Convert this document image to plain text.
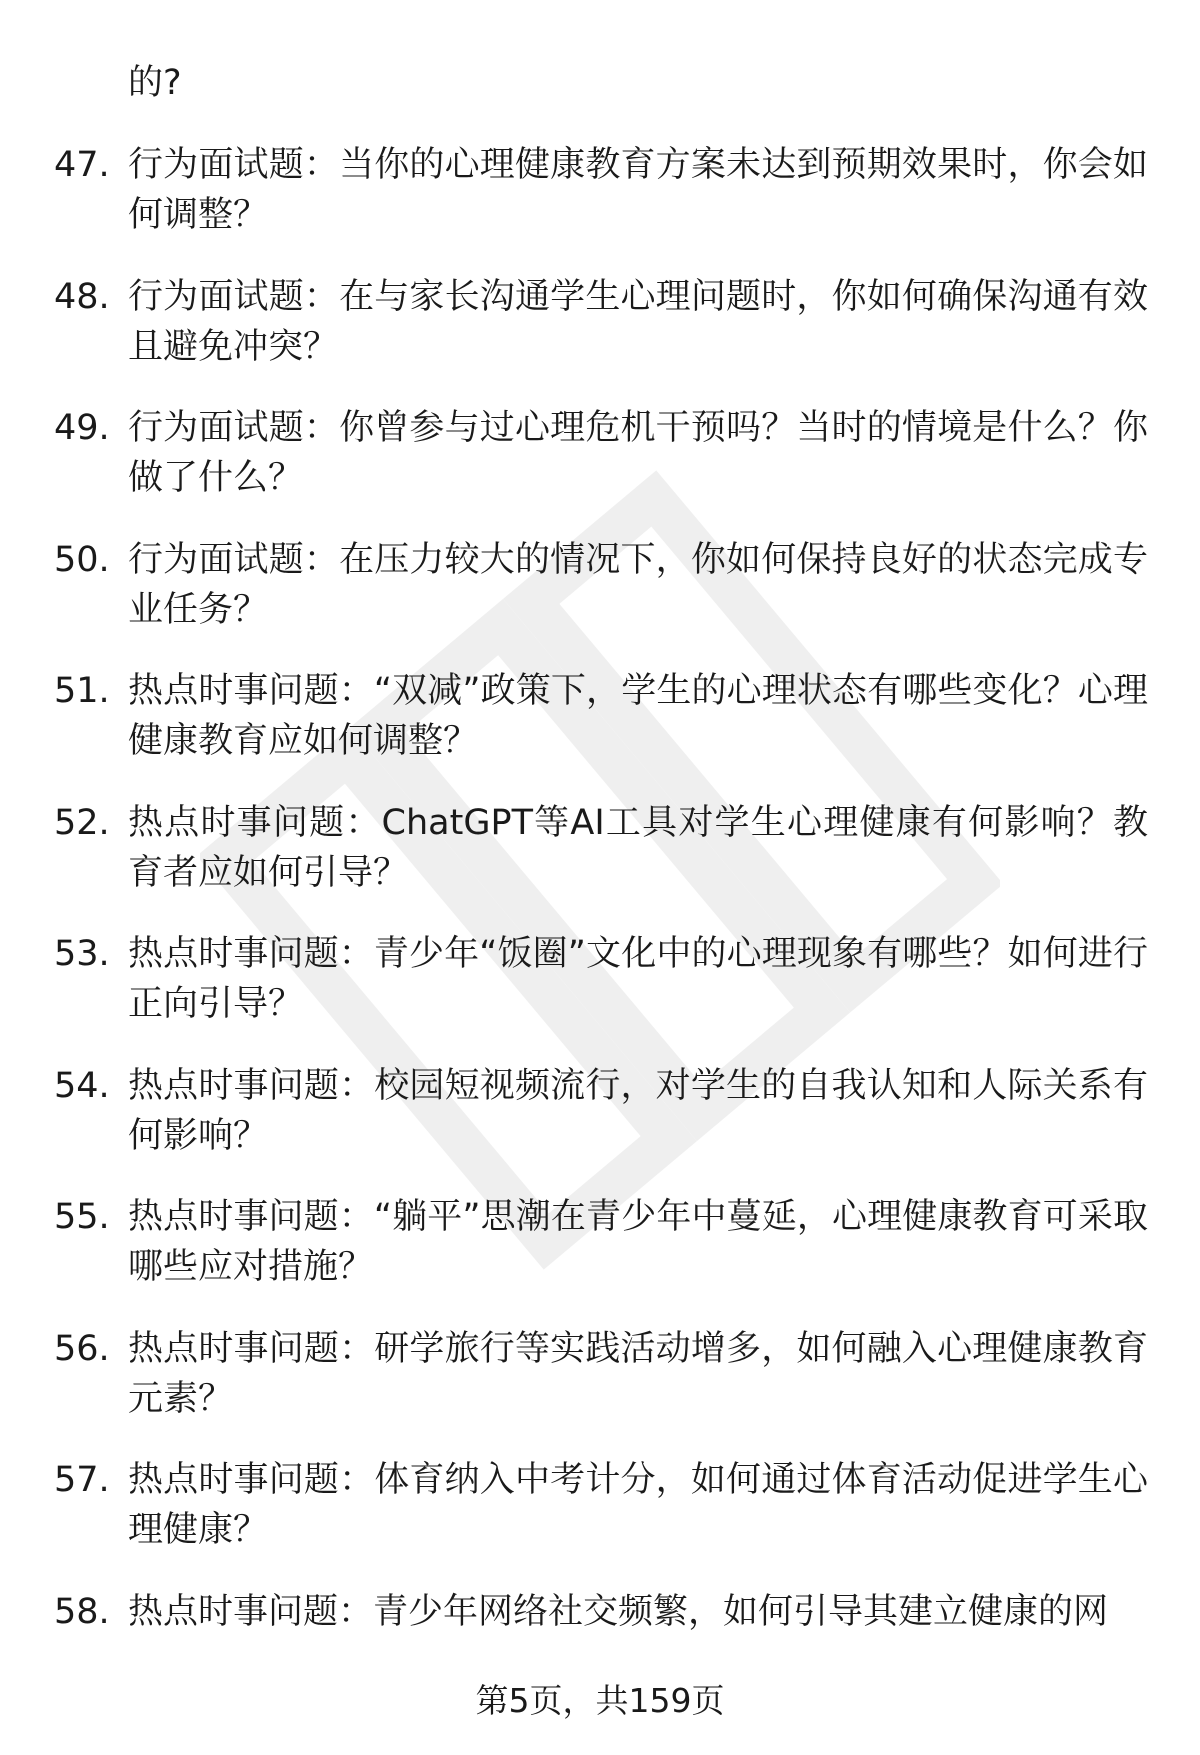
的?

47. 行为面试题：当你的心理健康教育方案未达到预期效果时，你会如何调整？

48. 行为面试题：在与家长沟通学生心理问题时，你如何确保沟通有效且避免冲突？

49. 行为面试题：你曾参与过心理危机干预吗？当时的情境是什么？你做了什么？

50. 行为面试题：在压力较大的情况下，你如何保持良好的状态完成专业任务？

51. 热点时事问题：“双减”政策下，学生的心理状态有哪些变化？心理健康教育应如何调整？

52. 热点时事问题：ChatGPT等AI工具对学生心理健康有何影响？教育者应如何引导？

53. 热点时事问题：青少年“饭圈”文化中的心理现象有哪些？如何进行正向引导？

54. 热点时事问题：校园短视频流行，对学生的自我认知和人际关系有何影响？

55. 热点时事问题：“躺平”思潮在青少年中蔓延，心理健康教育可采取哪些应对措施？

56. 热点时事问题：研学旅行等实践活动增多，如何融入心理健康教育元素？

57. 热点时事问题：体育纳入中考计分，如何通过体育活动促进学生心理健康？

58. 热点时事问题：青少年网络社交频繁，如何引导其建立健康的网

第5页，共159页
